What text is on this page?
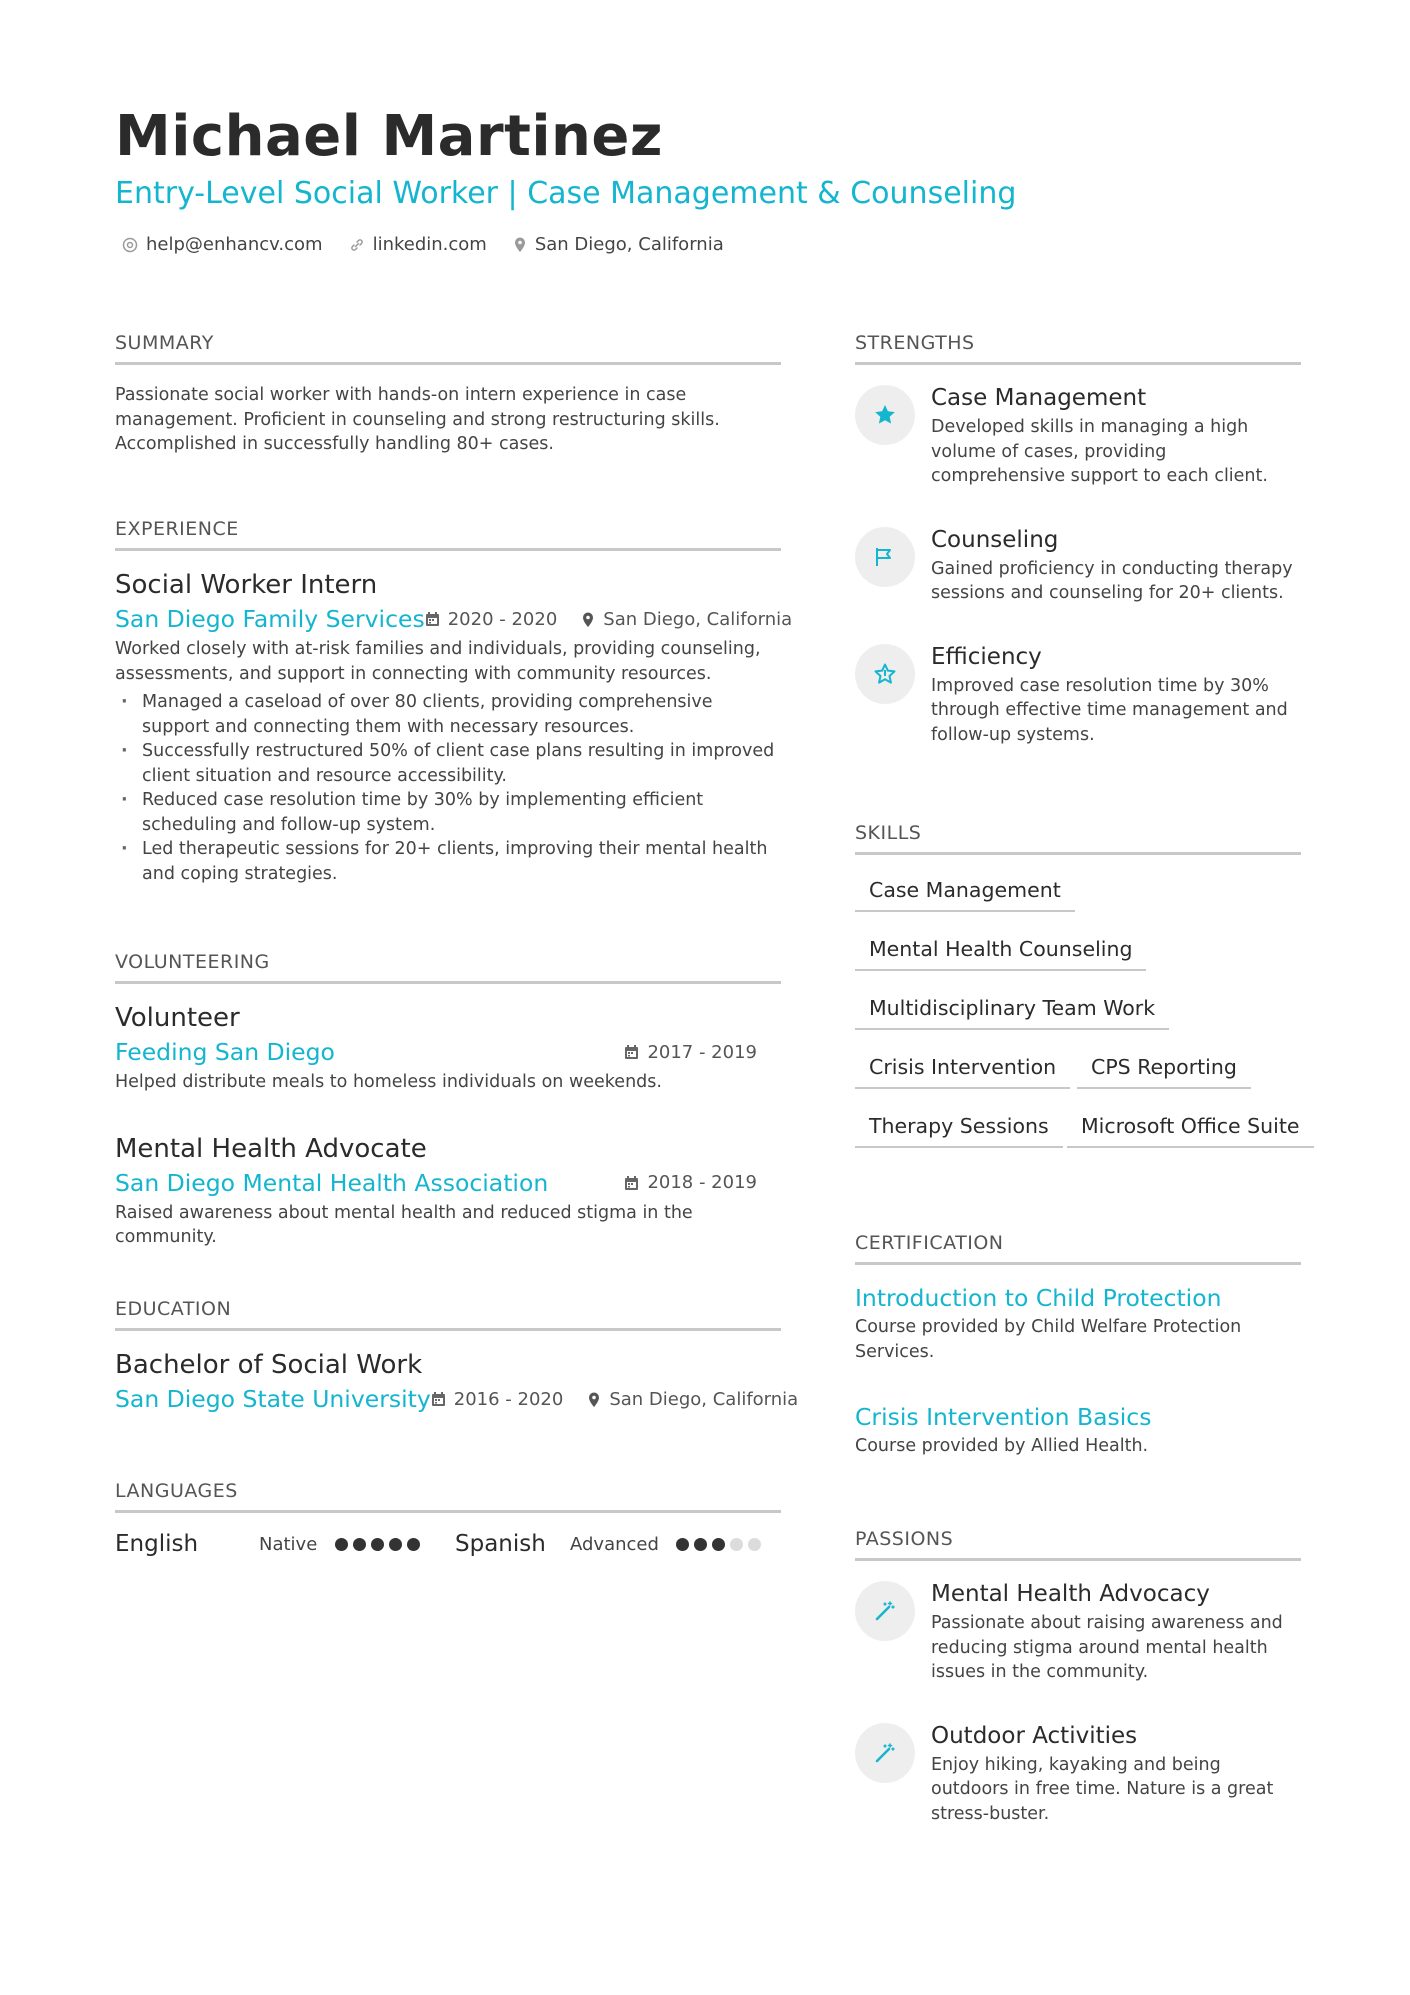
Michael Martinez
Entry-Level Social Worker | Case Management & Counseling
help@enhancv.com	linkedin.com	San Diego, California
SUMMARY
Passionate social worker with hands-on intern experience in case management. Proficient in counseling and strong restructuring skills. Accomplished in successfully handling 80+ cases.
EXPERIENCE
Social Worker Intern
San Diego Family Services 2020 - 2020	San Diego, California
Worked closely with at-risk families and individuals, providing counseling, assessments, and support in connecting with community resources.
· Managed a caseload of over 80 clients, providing comprehensive support and connecting them with necessary resources.
· Successfully restructured 50% of client case plans resulting in improved client situation and resource accessibility.
· Reduced case resolution time by 30% by implementing efficient scheduling and follow-up system.
· Led therapeutic sessions for 20+ clients, improving their mental health and coping strategies.
VOLUNTEERING
Volunteer
Feeding San Diego	2017 - 2019
Helped distribute meals to homeless individuals on weekends.
Mental Health Advocate
San Diego Mental Health Association	2018 - 2019
Raised awareness about mental health and reduced stigma in the community.
EDUCATION
Bachelor of Social Work
San Diego State University 2016 - 2020	San Diego, California
LANGUAGES
English	Native	Spanish	Advanced
STRENGTHS
Case Management
Developed skills in managing a high volume of cases, providing comprehensive support to each client.
Counseling
Gained proficiency in conducting therapy sessions and counseling for 20+ clients.
Efficiency
Improved case resolution time by 30% through effective time management and follow-up systems.
SKILLS
Case Management
Mental Health Counseling
Multidisciplinary Team Work
Crisis Intervention	CPS Reporting
Therapy Sessions	Microsoft Office Suite
CERTIFICATION
Introduction to Child Protection
Course provided by Child Welfare Protection Services.
Crisis Intervention Basics
Course provided by Allied Health.
PASSIONS
Mental Health Advocacy
Passionate about raising awareness and reducing stigma around mental health issues in the community.
Outdoor Activities
Enjoy hiking, kayaking and being outdoors in free time. Nature is a great stress-buster.
